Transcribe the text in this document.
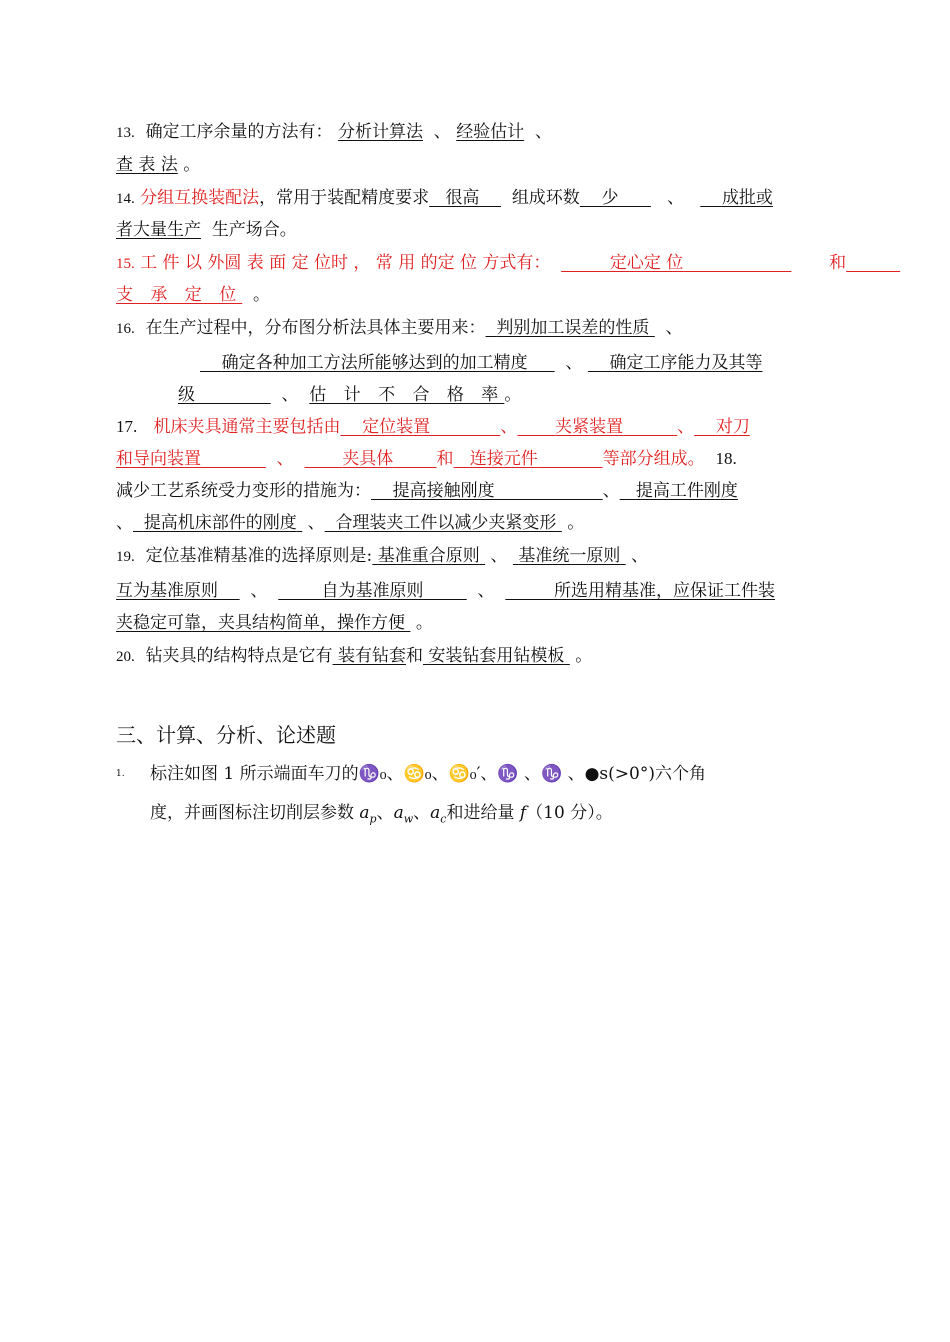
13. 确定工序余量的方法有： 分析计算法 、 经验估计 、
查 表 法 。
14. 分组互换装配法，常用于装配精度要求 很高 组成环数 少	、 成批或
者大量生产 生产场合。
15. 工 件 以 外圆 表 面 定 位时 ， 常 用 的定 位 方式有：	定心定 位	和
支 承 定 位 。
16. 在生产过程中，分布图分析法具体主要用来： 判别加工误差的性质 、
确定各种加工方法所能够达到的加工精度 、 确定工序能力及其等
级	、 估 计 不 合 格 率。
17. 机床夹具通常主要包括由 定位装置	、 夹紧装置	、 对刀
和导向装置	、	夹具体	和 连接元件	等部分组成。 18.
减少工艺系统受力变形的措施为： 提高接触刚度	、 提高工件刚度
、 提高机床部件的刚度 、 合理装夹工件以减少夹紧变形 。
19. 定位基准精基准的选择原则是: 基准重合原则 、 基准统一原则 、
互为基准原则 、	自为基准原则	、	所选用精基准，应保证工件装
夹稳定可靠，夹具结构简单，操作方便 。
20. 钻夹具的结构特点是它有 装有钻套和 安装钻套用钻模板 。
三、计算、分析、论述题
1. 标注如图 1 所示端面车刀的♑₀、♋₀、♋₀′、♑ 、♑ 、●s(>0°)六个角
度，并画图标注切削层参数 $a_p$、$a_w$、$a_c$和进给量 f（10 分）。
